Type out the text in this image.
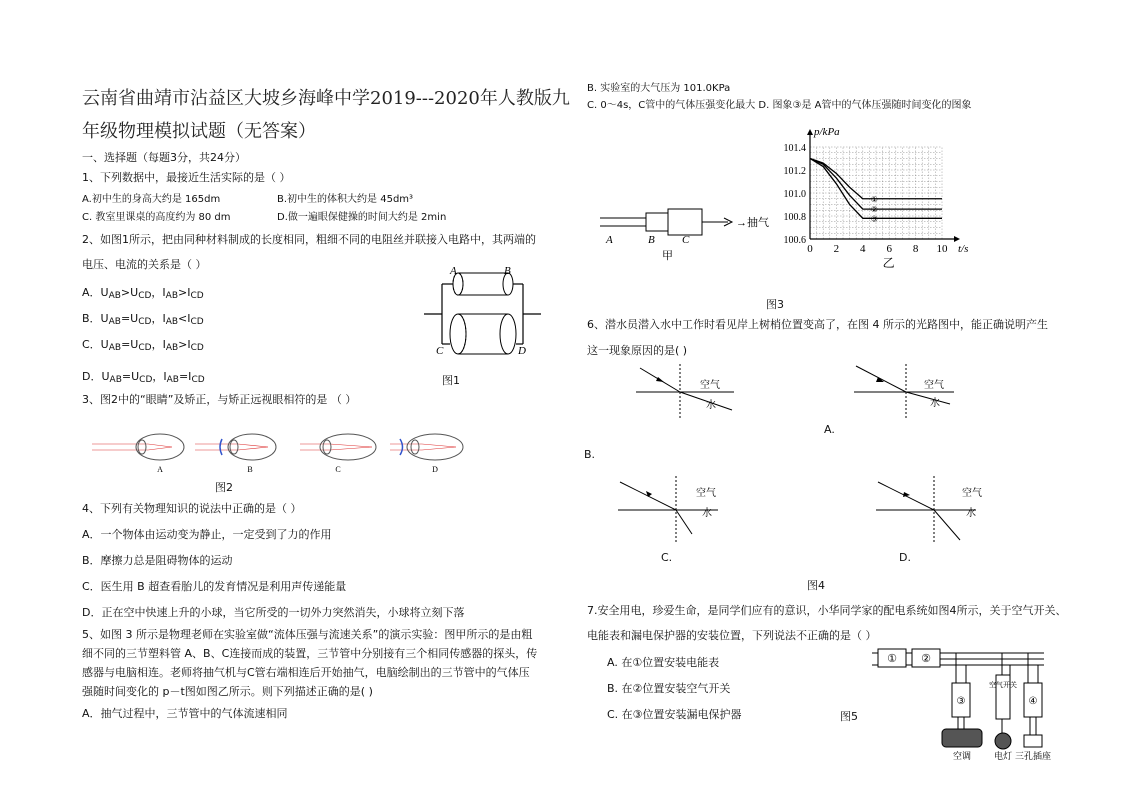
云南省曲靖市沾益区大坡乡海峰中学2019---2020年人教版九
年级物理模拟试题（无答案）
一、选择题（每题3分，共24分）
1、下列数据中，最接近生活实际的是（ ）
A.初中生的身高大约是 165dm	B.初中生的体积大约是 45dm³
C. 教室里课桌的高度约为 80 dm	D.做一遍眼保健操的时间大约是 2min
2、如图1所示，把由同种材料制成的长度相同，粗细不同的电阻丝并联接入电路中，其两端的
电压、电流的关系是（ ）
A．$U_{AB}>U_{CD}$，$I_{AB}>I_{CD}$
B．$U_{AB}=U_{CD}$，$I_{AB}<I_{CD}$
C．$U_{AB}=U_{CD}$，$I_{AB}>I_{CD}$
D．$U_{AB}=U_{CD}$，$I_{AB}=I_{CD}$
A	B
C	D
图1
3、图2中的“眼睛”及矫正，与矫正远视眼相符的是 （ ）
A	B	C	D
图2
4、下列有关物理知识的说法中正确的是（ ）
A．一个物体由运动变为静止，一定受到了力的作用
B．摩擦力总是阻碍物体的运动
C．医生用 B 超查看胎儿的发育情况是利用声传递能量
D．正在空中快速上升的小球，当它所受的一切外力突然消失，小球将立刻下落
5、如图 3 所示是物理老师在实验室做“流体压强与流速关系”的演示实验：图甲所示的是由粗
细不同的三节塑料管 A、B、C连接而成的装置，三节管中分别接有三个相同传感器的探头，传
感器与电脑相连。老师将抽气机与C管右端相连后开始抽气，电脑绘制出的三节管中的气体压
强随时间变化的 p－t图如图乙所示。则下列描述正确的是( )
A．抽气过程中，三节管中的气体流速相同
B. 实验室的大气压为 101.0KPa
C. 0～4s，C管中的气体压强变化最大 D. 图象③是 A管中的气体压强随时间变化的图象
→抽气
A	B C
甲
0 2 4 6 8 10
100.6
100.8
101.0
101.2
101.4
t/s
p/kPa
①
②
③
乙
图3
6、潜水员潜入水中工作时看见岸上树梢位置变高了，在图 4 所示的光路图中，能正确说明产生
这一现象原因的是( )
空气
水
空气
水
A.
B.
空气
水
空气
水
C.	D.
图4
7.安全用电，珍爱生命，是同学们应有的意识，小华同学家的配电系统如图4所示，关于空气开关、
电能表和漏电保护器的安装位置，下列说法不正确的是（ ）
A. 在①位置安装电能表
B. 在②位置安装空气开关
C. 在③位置安装漏电保护器	图5
① ②
③
空调
空气开关
电灯
④
三孔插座
